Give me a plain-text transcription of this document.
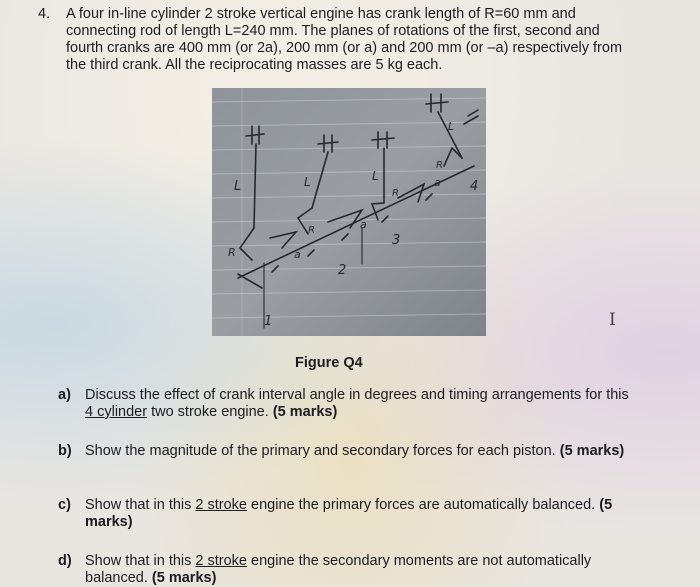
4. A four in-line cylinder 2 stroke vertical engine has crank length of R=60 mm and connecting rod of length L=240 mm. The planes of rotations of the first, second and fourth cranks are 400 mm (or 2a), 200 mm (or a) and 200 mm (or –a) respectively from the third crank. All the reciprocating masses are 5 kg each.
L	L	L
L
R
R
R
R
a
a
a
1
2
3
4
Figure Q4
I
a) Discuss the effect of crank interval angle in degrees and timing arrangements for this 4 cylinder two stroke engine. (5 marks)
b) Show the magnitude of the primary and secondary forces for each piston. (5 marks)
c) Show that in this 2 stroke engine the primary forces are automatically balanced. (5 marks)
d) Show that in this 2 stroke engine the secondary moments are not automatically balanced. (5 marks)
